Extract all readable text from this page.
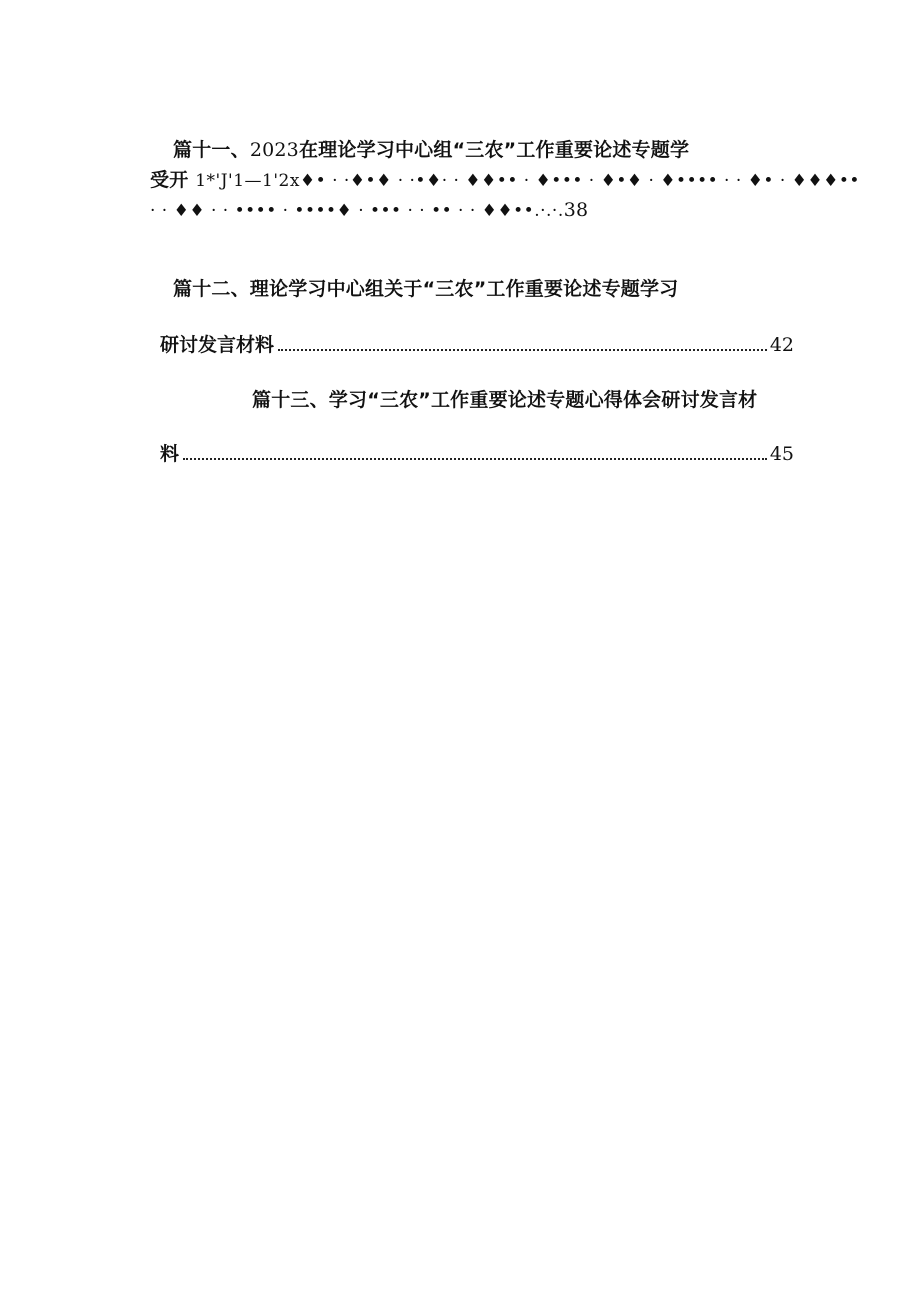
篇十一、2023在理论学习中心组“三农”工作重要论述专题学
受开 1*'J'1—1'2x♦• · ·♦•♦ · ·•♦· · ♦♦•• · ♦••• · ♦•♦ · ♦•••• · · ♦• · ♦♦♦••
· · ♦♦ · · •••• · ••••♦ · ••• · · •• · · ♦♦••.·.·.38
篇十二、理论学习中心组关于“三农”工作重要论述专题学习
研讨发言材料	42
篇十三、学习“三农”工作重要论述专题心得体会研讨发言材
料	45
